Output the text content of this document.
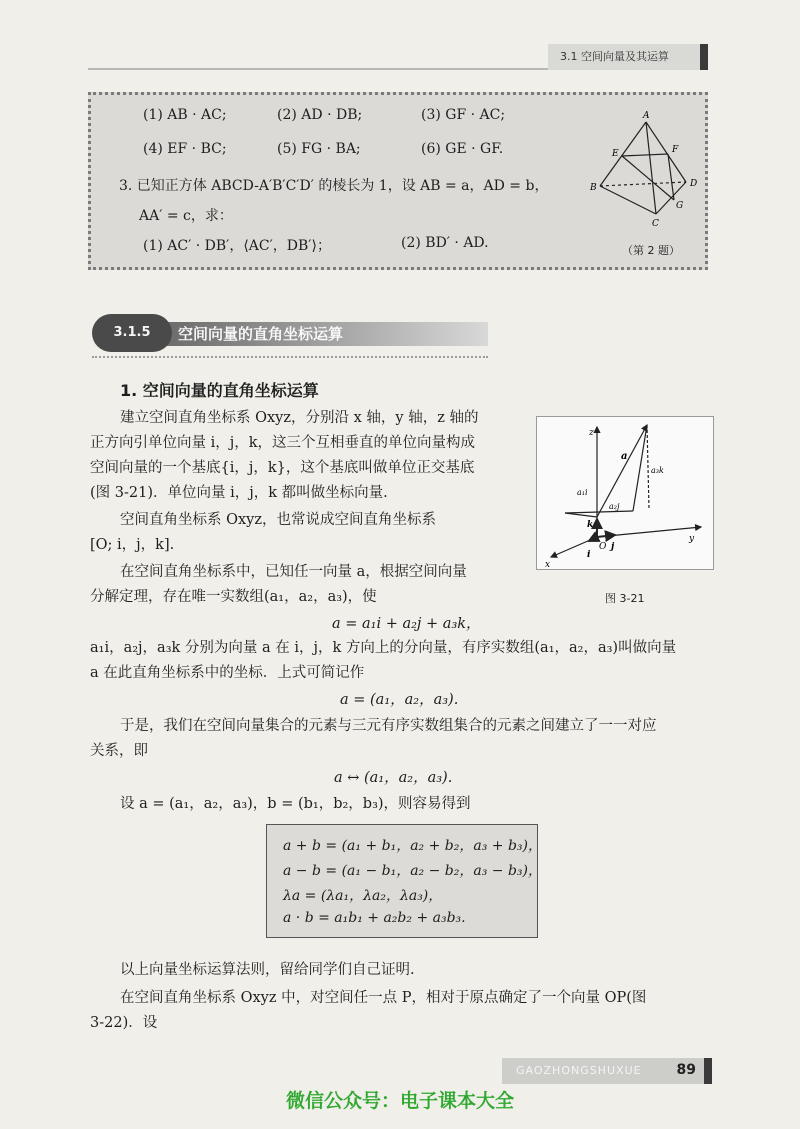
3.1 空间向量及其运算
(1) AB · AC;	(2) AD · DB;	(3) GF · AC;
(4) EF · BC;	(5) FG · BA;	(6) GE · GF.
3. 已知正方体 ABCD-A′B′C′D′ 的棱长为 1，设 AB = a，AD = b，
AA′ = c，求：
(1) AC′ · DB′，⟨AC′，DB′⟩；	(2) BD′ · AD.
A
B
C
D
E	F
G
（第 2 题）
空间向量的直角坐标运算
3.1.5
1. 空间向量的直角坐标运算
建立空间直角坐标系 Oxyz，分别沿 x 轴，y 轴，z 轴的
正方向引单位向量 i，j，k，这三个互相垂直的单位向量构成
空间向量的一个基底{i，j，k}，这个基底叫做单位正交基底
(图 3-21)．单位向量 i，j，k 都叫做坐标向量.
空间直角坐标系 Oxyz，也常说成空间直角坐标系
[O; i，j，k].
在空间直角坐标系中，已知任一向量 a，根据空间向量
分解定理，存在唯一实数组(a₁，a₂，a₃)，使
z
y
x
O j
i
k
a
a₁i
a₂j
a₃k
图 3-21
a = a₁i + a₂j + a₃k，
a₁i，a₂j，a₃k 分别为向量 a 在 i，j，k 方向上的分向量，有序实数组(a₁，a₂，a₃)叫做向量
a 在此直角坐标系中的坐标．上式可简记作
a = (a₁，a₂，a₃).
于是，我们在空间向量集合的元素与三元有序实数组集合的元素之间建立了一一对应
关系，即
a ↔ (a₁，a₂，a₃).
设 a = (a₁，a₂，a₃)，b = (b₁，b₂，b₃)，则容易得到
a + b = (a₁ + b₁，a₂ + b₂，a₃ + b₃)，
a − b = (a₁ − b₁，a₂ − b₂，a₃ − b₃)，
λa = (λa₁，λa₂，λa₃)，
a · b = a₁b₁ + a₂b₂ + a₃b₃.
以上向量坐标运算法则，留给同学们自己证明.
在空间直角坐标系 Oxyz 中，对空间任一点 P，相对于原点确定了一个向量 OP(图
3-22)．设
GAOZHONGSHUXUE 89
微信公众号：电子课本大全
